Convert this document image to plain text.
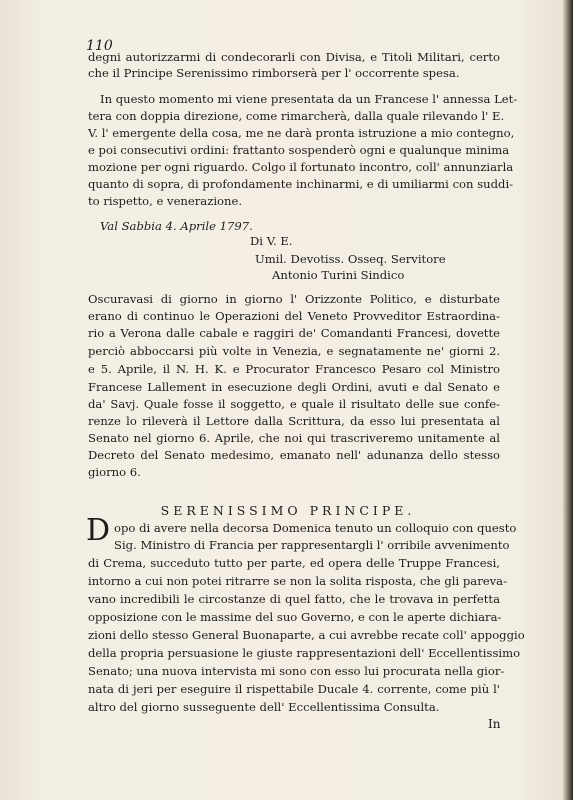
110
degni autorizzarmi di condecorarli con Divisa, e Titoli Militari, certo
che il Principe Serenissimo rimborserà per l' occorrente spesa.
In questo momento mi viene presentata da un Francese l' annessa Let-
tera con doppia direzione, come rimarcherà, dalla quale rilevando l' E.
V. l' emergente della cosa, me ne darà pronta istruzione a mio contegno,
e poi consecutivi ordini: frattanto sospenderò ogni e qualunque minima
mozione per ogni riguardo. Colgo il fortunato incontro, coll' annunziarla
quanto di sopra, di profondamente inchinarmi, e di umiliarmi con suddi-
to rispetto, e venerazione.
Val Sabbia 4. Aprile 1797.
Di V. E.
Umil. Devotiss. Osseq. Servitore
Antonio Turini Sindico
Oscuravasi di giorno in giorno l' Orizzonte Politico, e disturbate
erano di continuo le Operazioni del Veneto Provveditor Estraordina-
rio a Verona dalle cabale e raggiri de' Comandanti Francesi, dovette
perciò abboccarsi più volte in Venezia, e segnatamente ne' giorni 2.
e 5. Aprile, il N. H. K. e Procurator Francesco Pesaro col Ministro
Francese Lallement in esecuzione degli Ordini, avuti e dal Senato e
da' Savj. Quale fosse il soggetto, e quale il risultato delle sue confe-
renze lo rileverà il Lettore dalla Scrittura, da esso lui presentata al
Senato nel giorno 6. Aprile, che noi qui trascriveremo unitamente al
Decreto del Senato medesimo, emanato nell' adunanza dello stesso
giorno 6.
SERENISSIMO PRINCIPE.
D opo di avere nella decorsa Domenica tenuto un colloquio con questo
Sig. Ministro di Francia per rappresentargli l' orribile avvenimento
di Crema, succeduto tutto per parte, ed opera delle Truppe Francesi,
intorno a cui non potei ritrarre se non la solita risposta, che gli pareva-
vano incredibili le circostanze di quel fatto, che le trovava in perfetta
opposizione con le massime del suo Governo, e con le aperte dichiara-
zioni dello stesso General Buonaparte, a cui avrebbe recate coll' appoggio
della propria persuasione le giuste rappresentazioni dell' Eccellentissimo
Senato; una nuova intervista mi sono con esso lui procurata nella gior-
nata di jeri per eseguire il rispettabile Ducale 4. corrente, come più l'
altro del giorno susseguente dell' Eccellentissima Consulta.
In
